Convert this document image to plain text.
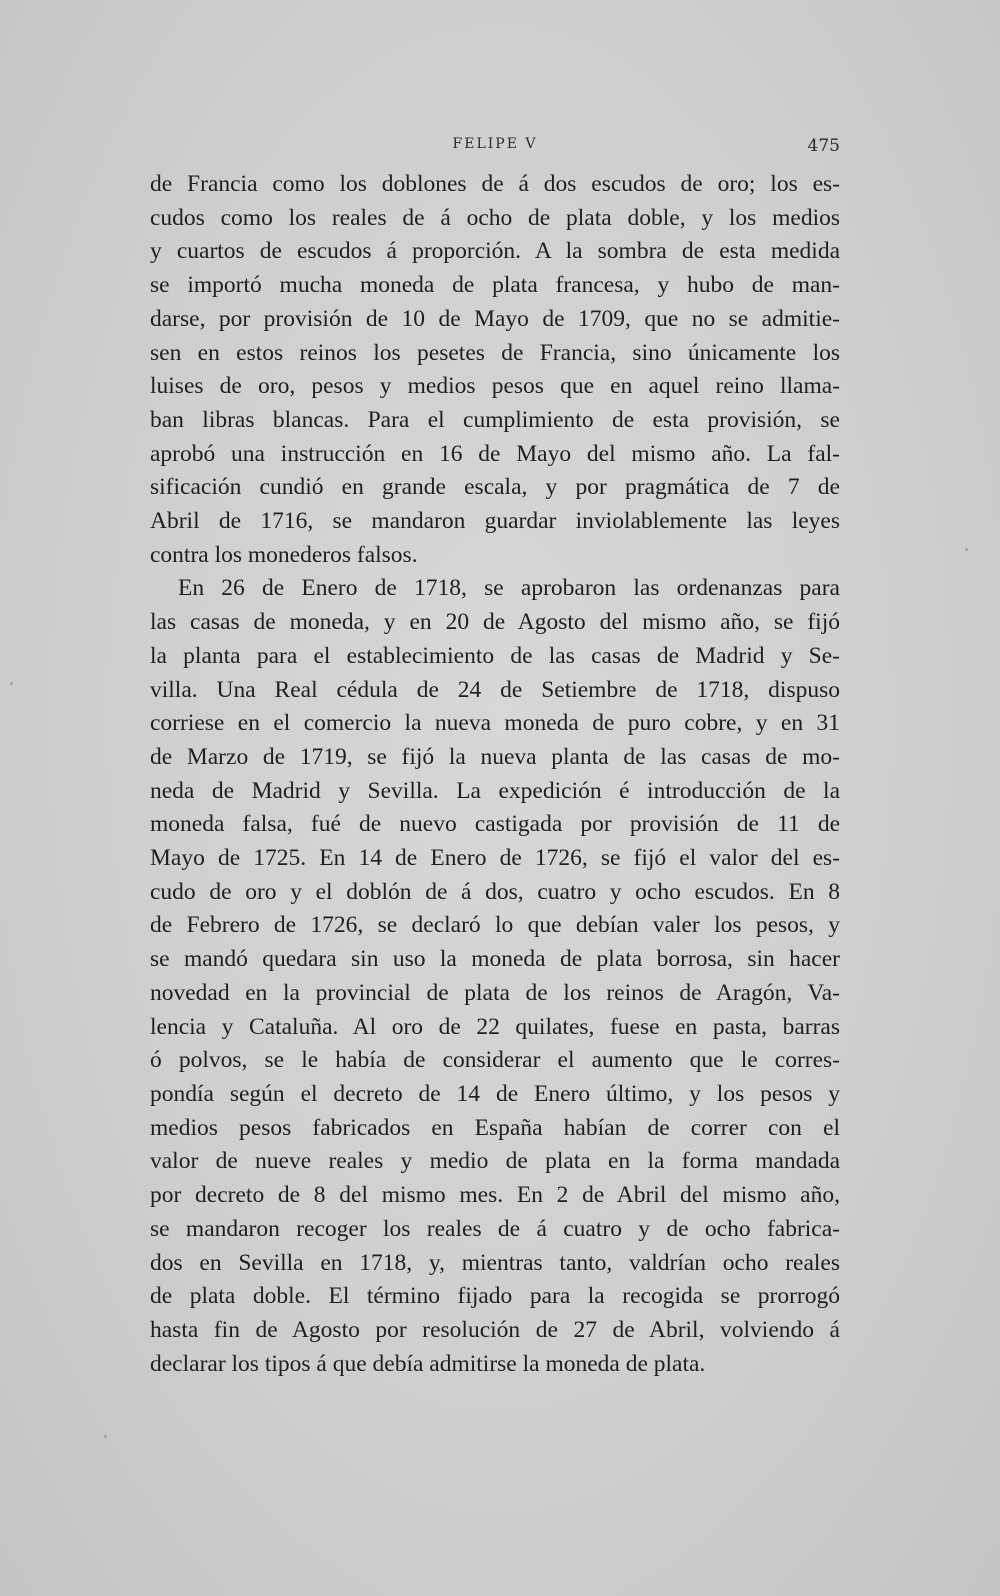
FELIPE V	475
de Francia como los doblones de á dos escudos de oro; los es-
cudos como los reales de á ocho de plata doble, y los medios
y cuartos de escudos á proporción. A la sombra de esta medida
se importó mucha moneda de plata francesa, y hubo de man-
darse, por provisión de 10 de Mayo de 1709, que no se admitie-
sen en estos reinos los pesetes de Francia, sino únicamente los
luises de oro, pesos y medios pesos que en aquel reino llama-
ban libras blancas. Para el cumplimiento de esta provisión, se
aprobó una instrucción en 16 de Mayo del mismo año. La fal-
sificación cundió en grande escala, y por pragmática de 7 de
Abril de 1716, se mandaron guardar inviolablemente las leyes
contra los monederos falsos.
En 26 de Enero de 1718, se aprobaron las ordenanzas para
las casas de moneda, y en 20 de Agosto del mismo año, se fijó
la planta para el establecimiento de las casas de Madrid y Se-
villa. Una Real cédula de 24 de Setiembre de 1718, dispuso
corriese en el comercio la nueva moneda de puro cobre, y en 31
de Marzo de 1719, se fijó la nueva planta de las casas de mo-
neda de Madrid y Sevilla. La expedición é introducción de la
moneda falsa, fué de nuevo castigada por provisión de 11 de
Mayo de 1725. En 14 de Enero de 1726, se fijó el valor del es-
cudo de oro y el doblón de á dos, cuatro y ocho escudos. En 8
de Febrero de 1726, se declaró lo que debían valer los pesos, y
se mandó quedara sin uso la moneda de plata borrosa, sin hacer
novedad en la provincial de plata de los reinos de Aragón, Va-
lencia y Cataluña. Al oro de 22 quilates, fuese en pasta, barras
ó polvos, se le había de considerar el aumento que le corres-
pondía según el decreto de 14 de Enero último, y los pesos y
medios pesos fabricados en España habían de correr con el
valor de nueve reales y medio de plata en la forma mandada
por decreto de 8 del mismo mes. En 2 de Abril del mismo año,
se mandaron recoger los reales de á cuatro y de ocho fabrica-
dos en Sevilla en 1718, y, mientras tanto, valdrían ocho reales
de plata doble. El término fijado para la recogida se prorrogó
hasta fin de Agosto por resolución de 27 de Abril, volviendo á
declarar los tipos á que debía admitirse la moneda de plata.
